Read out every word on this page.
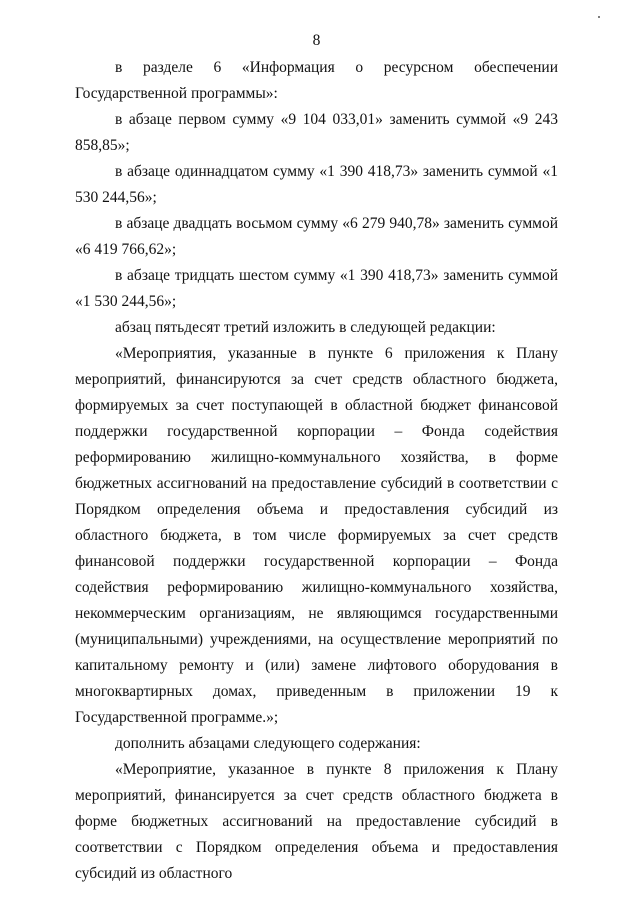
8

в разделе 6 «Информация о ресурсном обеспечении Государственной программы»:

в абзаце первом сумму «9 104 033,01» заменить суммой «9 243 858,85»;

в абзаце одиннадцатом сумму «1 390 418,73» заменить суммой «1 530 244,56»;

в абзаце двадцать восьмом сумму «6 279 940,78» заменить суммой «6 419 766,62»;

в абзаце тридцать шестом сумму «1 390 418,73» заменить суммой «1 530 244,56»;

абзац пятьдесят третий изложить в следующей редакции:

«Мероприятия, указанные в пункте 6 приложения к Плану мероприятий, финансируются за счет средств областного бюджета, формируемых за счет поступающей в областной бюджет финансовой поддержки государственной корпорации – Фонда содействия реформированию жилищно-коммунального хозяйства, в форме бюджетных ассигнований на предоставление субсидий в соответствии с Порядком определения объема и предоставления субсидий из областного бюджета, в том числе формируемых за счет средств финансовой поддержки государственной корпорации – Фонда содействия реформированию жилищно-коммунального хозяйства, некоммерческим организациям, не являющимся государственными (муниципальными) учреждениями, на осуществление мероприятий по капитальному ремонту и (или) замене лифтового оборудования в многоквартирных домах, приведенным в приложении 19 к Государственной программе.»;

дополнить абзацами следующего содержания:

«Мероприятие, указанное в пункте 8 приложения к Плану мероприятий, финансируется за счет средств областного бюджета в форме бюджетных ассигнований на предоставление субсидий в соответствии с Порядком определения объема и предоставления субсидий из областного
